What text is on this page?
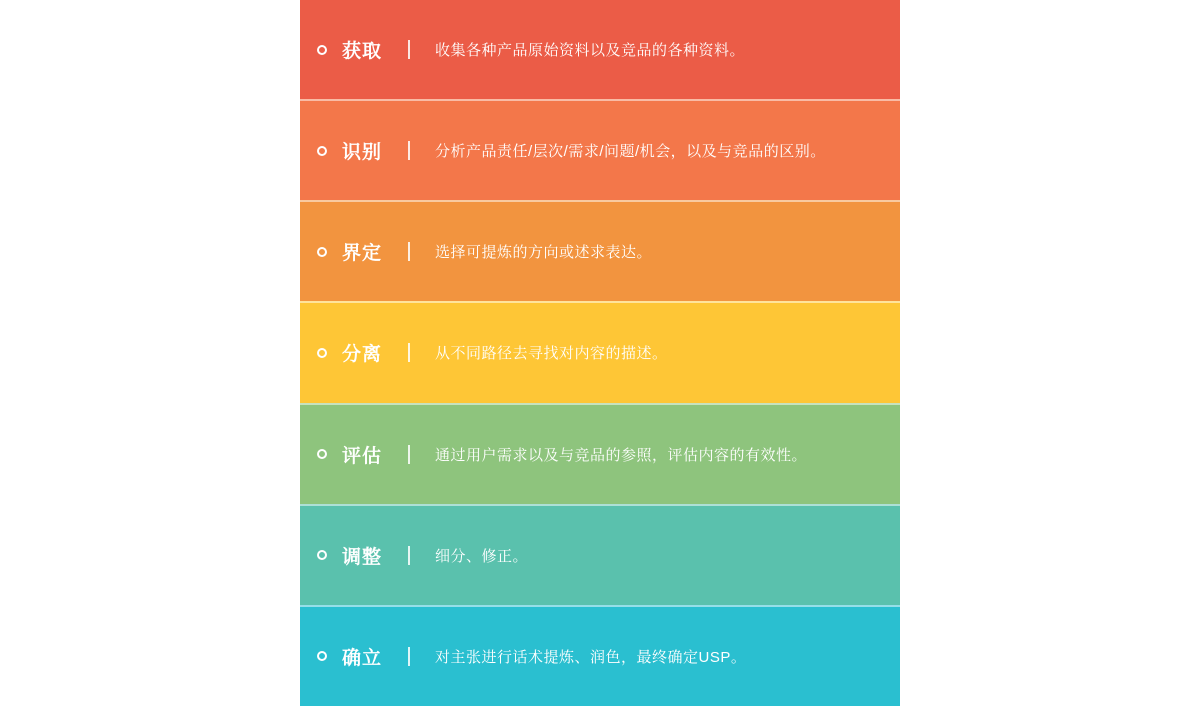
获取	收集各种产品原始资料以及竞品的各种资料。
识别	分析产品责任/层次/需求/问题/机会，以及与竞品的区别。
界定	选择可提炼的方向或述求表达。
分离	从不同路径去寻找对内容的描述。
评估	通过用户需求以及与竞品的参照，评估内容的有效性。
调整	细分、修正。
确立	对主张进行话术提炼、润色，最终确定USP。
